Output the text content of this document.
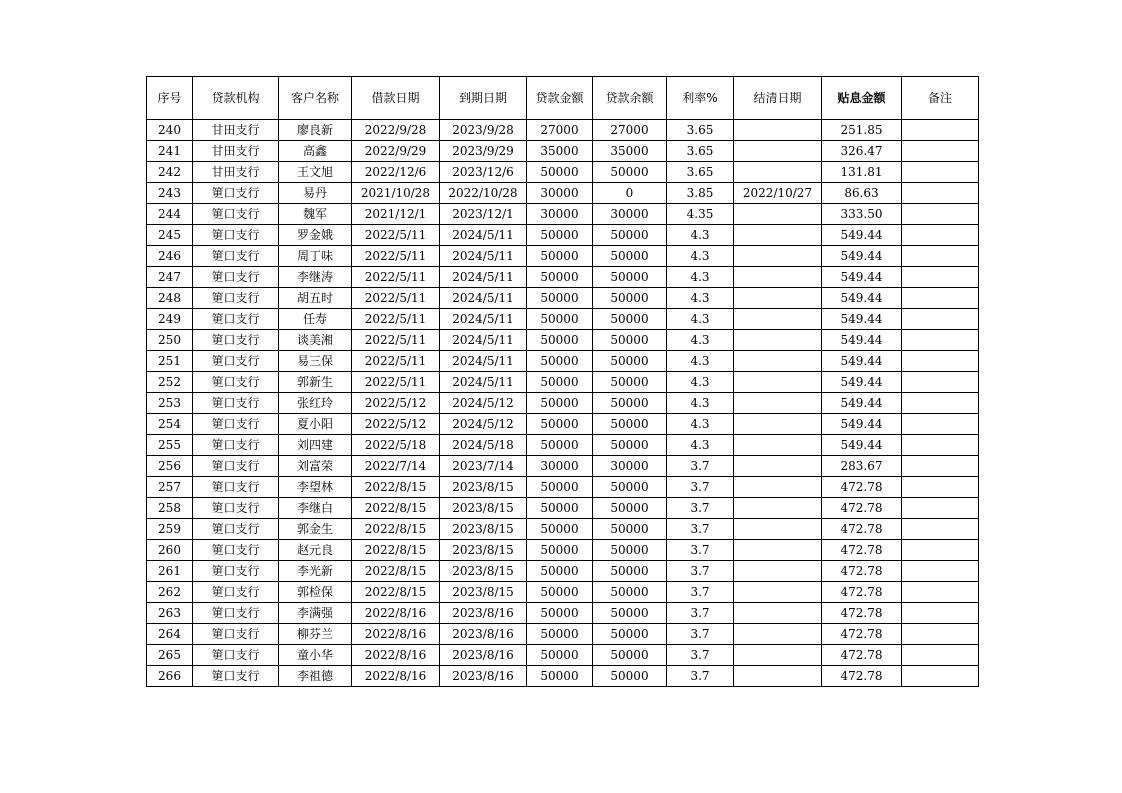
序号	贷款机构	客户名称	借款日期	到期日期	贷款金额	贷款余额	利率%	结清日期	贴息金额	备注
240	甘田支行	廖良新	2022/9/28	2023/9/28	27000	27000	3.65		251.85	
241	甘田支行	高鑫	2022/9/29	2023/9/29	35000	35000	3.65		326.47	
242	甘田支行	王文旭	2022/12/6	2023/12/6	50000	50000	3.65		131.81	
243	筻口支行	易丹	2021/10/28	2022/10/28	30000	0	3.85	2022/10/27	86.63	
244	筻口支行	魏军	2021/12/1	2023/12/1	30000	30000	4.35		333.50	
245	筻口支行	罗金娥	2022/5/11	2024/5/11	50000	50000	4.3		549.44	
246	筻口支行	周丁味	2022/5/11	2024/5/11	50000	50000	4.3		549.44	
247	筻口支行	李继涛	2022/5/11	2024/5/11	50000	50000	4.3		549.44	
248	筻口支行	胡五时	2022/5/11	2024/5/11	50000	50000	4.3		549.44	
249	筻口支行	任寿	2022/5/11	2024/5/11	50000	50000	4.3		549.44	
250	筻口支行	谈美湘	2022/5/11	2024/5/11	50000	50000	4.3		549.44	
251	筻口支行	易三保	2022/5/11	2024/5/11	50000	50000	4.3		549.44	
252	筻口支行	郭新生	2022/5/11	2024/5/11	50000	50000	4.3		549.44	
253	筻口支行	张红玲	2022/5/12	2024/5/12	50000	50000	4.3		549.44	
254	筻口支行	夏小阳	2022/5/12	2024/5/12	50000	50000	4.3		549.44	
255	筻口支行	刘四建	2022/5/18	2024/5/18	50000	50000	4.3		549.44	
256	筻口支行	刘富荣	2022/7/14	2023/7/14	30000	30000	3.7		283.67	
257	筻口支行	李望林	2022/8/15	2023/8/15	50000	50000	3.7		472.78	
258	筻口支行	李继白	2022/8/15	2023/8/15	50000	50000	3.7		472.78	
259	筻口支行	郭金生	2022/8/15	2023/8/15	50000	50000	3.7		472.78	
260	筻口支行	赵元良	2022/8/15	2023/8/15	50000	50000	3.7		472.78	
261	筻口支行	李光新	2022/8/15	2023/8/15	50000	50000	3.7		472.78	
262	筻口支行	郭检保	2022/8/15	2023/8/15	50000	50000	3.7		472.78	
263	筻口支行	李满强	2022/8/16	2023/8/16	50000	50000	3.7		472.78	
264	筻口支行	柳芬兰	2022/8/16	2023/8/16	50000	50000	3.7		472.78	
265	筻口支行	童小华	2022/8/16	2023/8/16	50000	50000	3.7		472.78	
266	筻口支行	李祖德	2022/8/16	2023/8/16	50000	50000	3.7		472.78	
